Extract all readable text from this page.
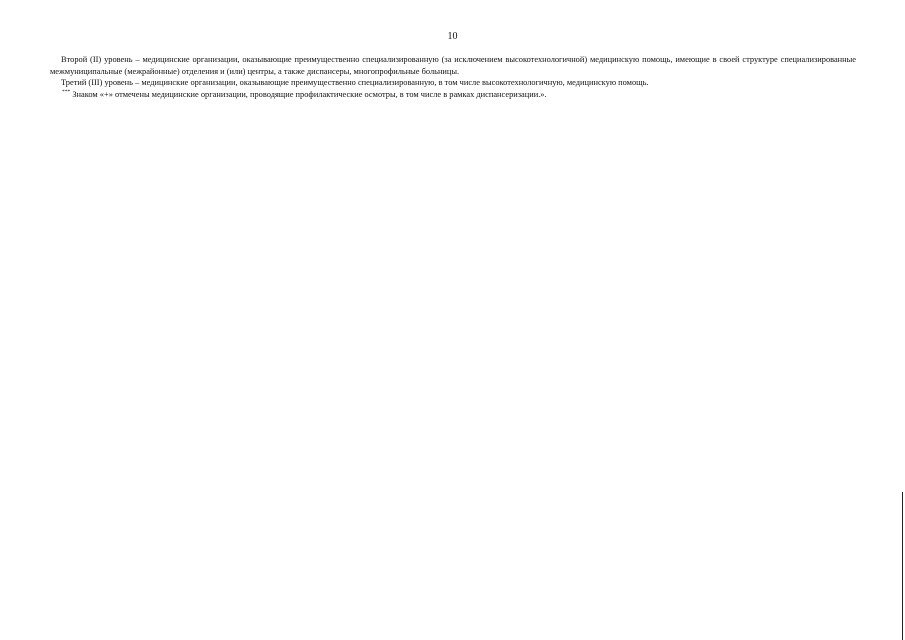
10

Второй (II) уровень – медицинские организации, оказывающие преимущественно специализированную (за исключением высокотехнологичной) медицинскую помощь, имеющие в своей структуре специализированные межмуниципальные (межрайонные) отделения и (или) центры, а также диспансеры, многопрофильные больницы.

Третий (III) уровень – медицинские организации, оказывающие преимущественно специализированную, в том числе высокотехнологичную, медицинскую помощь.

*** Знаком «+» отмечены медицинские организации, проводящие профилактические осмотры, в том числе в рамках диспансеризации.».
